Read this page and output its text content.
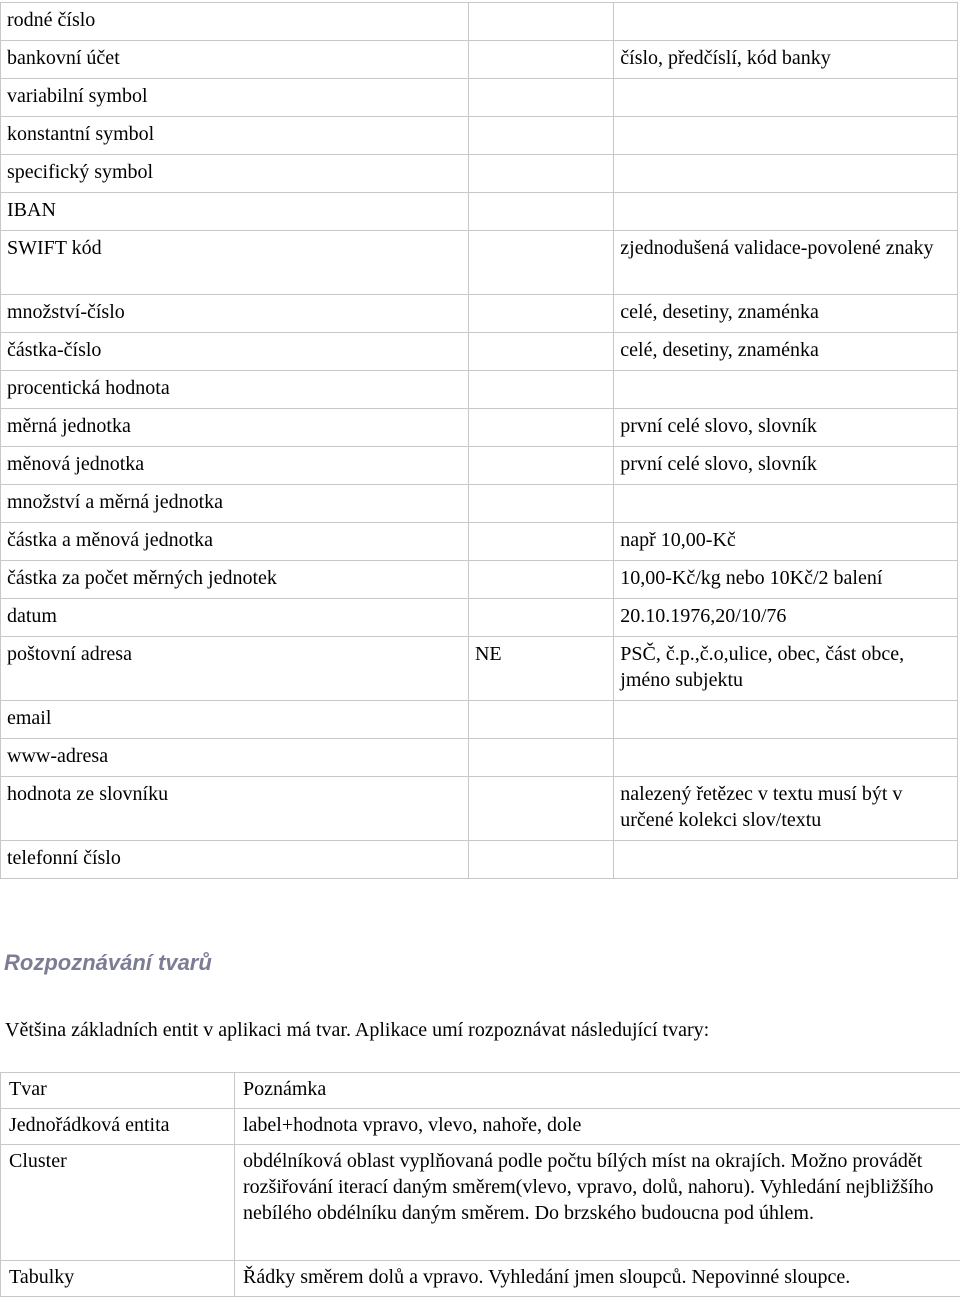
rodné číslo		
bankovní účet		číslo, předčíslí, kód banky
variabilní symbol		
konstantní symbol		
specifický symbol		
IBAN		
SWIFT kód		zjednodušená validace-povolené znaky
množství-číslo		celé, desetiny, znaménka
částka-číslo		celé, desetiny, znaménka
procentická hodnota		
měrná jednotka		první celé slovo, slovník
měnová jednotka		první celé slovo, slovník
množství a měrná jednotka		
částka a měnová jednotka		např 10,00-Kč
částka za počet měrných jednotek		10,00-Kč/kg nebo 10Kč/2 balení
datum		20.10.1976,20/10/76
poštovní adresa	NE	PSČ, č.p.,č.o,ulice, obec, část obce, jméno subjektu
email		
www-adresa		
hodnota ze slovníku		nalezený řetězec v textu musí být v určené kolekci slov/textu
telefonní číslo		
Rozpoznávání tvarů
Většina základních entit v aplikaci má tvar. Aplikace umí rozpoznávat následující tvary:
Tvar	Poznámka
Jednořádková entita	label+hodnota vpravo, vlevo, nahoře, dole
Cluster	obdélníková oblast vyplňovaná podle počtu bílých míst na okrajích. Možno provádět rozšiřování iterací daným směrem(vlevo, vpravo, dolů, nahoru). Vyhledání nejbližšího nebílého obdélníku daným směrem. Do brzského budoucna pod úhlem.
Tabulky	Řádky směrem dolů a vpravo. Vyhledání jmen sloupců. Nepovinné sloupce.
